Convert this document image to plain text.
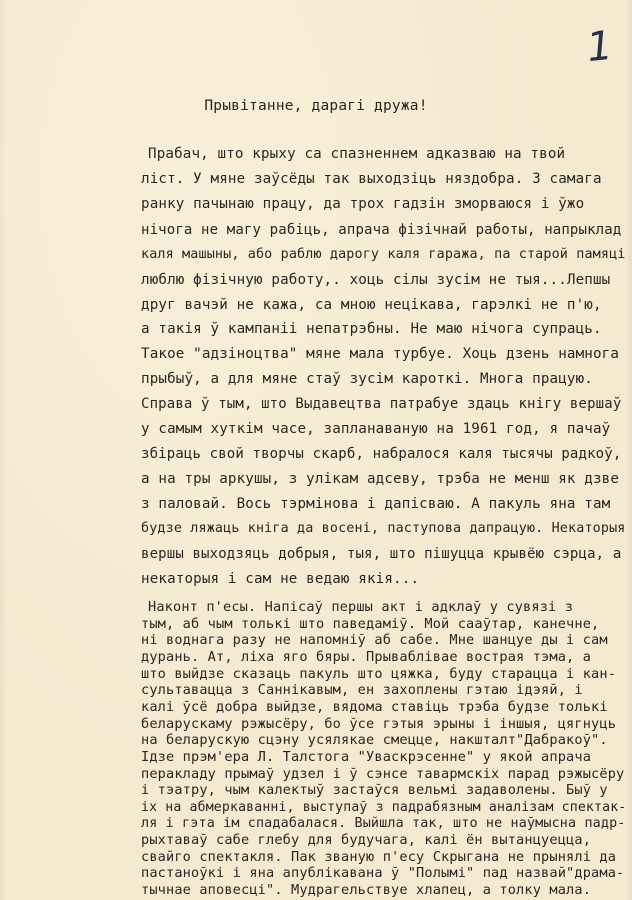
1
Прывітанне, дарагі дружа!
Прабач, што крыху са спазненнем адказваю на твой
ліст. У мяне заўсёды так выходзіць няздобра. З самага
ранку пачынаю працу, да трох гадзін зморваюся і ўжо
нічога не магу рабіць, апрача фізічнай работы, напрыклад
каля машыны, або раблю дарогу каля гаража, па старой памяці
люблю фізічную работу,. хоць сілы зусім не тыя...Лепшы
друг вачэй не кажа, са мною нецікава, гарэлкі не п'ю,
а такія ў кампаніі непатрэбны. Не маю нічога супраць.
Такое "адзіноцтва" мяне мала турбуе. Хоць дзень намнога
прыбыў, а для мяне стаў зусім кароткі. Многа працую.
Справа ў тым, што Выдавецтва патрабуе здаць кнігу вершаў
у самым хуткім часе, запланаваную на 1961 год, я пачаў
збіраць свой творчы скарб, набралося каля тысячы радкоў,
а на тры аркушы, з улікам адсеву, трэба не менш як дзве
з паловай. Вось тэрмінова і дапісваю. А пакуль яна там
будзе ляжаць кніга да восені, паступова дапрацую. Некаторыя
вершы выходзяць добрыя, тыя, што пішуцца крывёю сэрца, а
некаторыя і сам не ведаю якія...
Наконт п'есы. Напісаў першы акт і адклаў у сувязі з
тым, аб чым толькі што паведаміў. Мой сааўтар, канечне,
ні воднага разу не напомніў аб сабе. Мне шанцуе ды і сам
дурань. Ат, ліха яго бяры. Прываблівае вострая тэма, а
што выйдзе сказаць пакуль што цяжка, буду старацца і кан-
сультавацца з Саннікавым, ен захоплены гэтаю ідэяй, і
калі ўсё добра выйдзе, вядома ставіць трэба будзе толькі
беларускаму рэжысёру, бо ўсе гэтыя эрыны і іншыя, цягнуць
на беларускую сцэну усялякае смецце, накшталт"Дабракоў".
Ідзе прэм'ера Л. Талстога "Уваскрэсенне" у якой апрача
перакладу прымаў удзел і ў сэнсе тавармскіх парад рэжысёру
і тэатру, чым калектыў застаўся вельмі задаволены. Быў у
іх на абмеркаванні, выступаў з падрабязным аналізам спектак-
ля і гэта ім спадабалася. Выйшла так, што не наўмысна падр-
рыхтаваў сабе глебу для будучага, калі ён вытанцуецца,
свайго спектакля. Пак званую п'есу Скрыгана не прынялі да
пастаноўкі і яна апублікавана ў "Полымі" пад назвай"драма-
тычнае аповесці". Мудрагельствуе хлапец, а толку мала.
